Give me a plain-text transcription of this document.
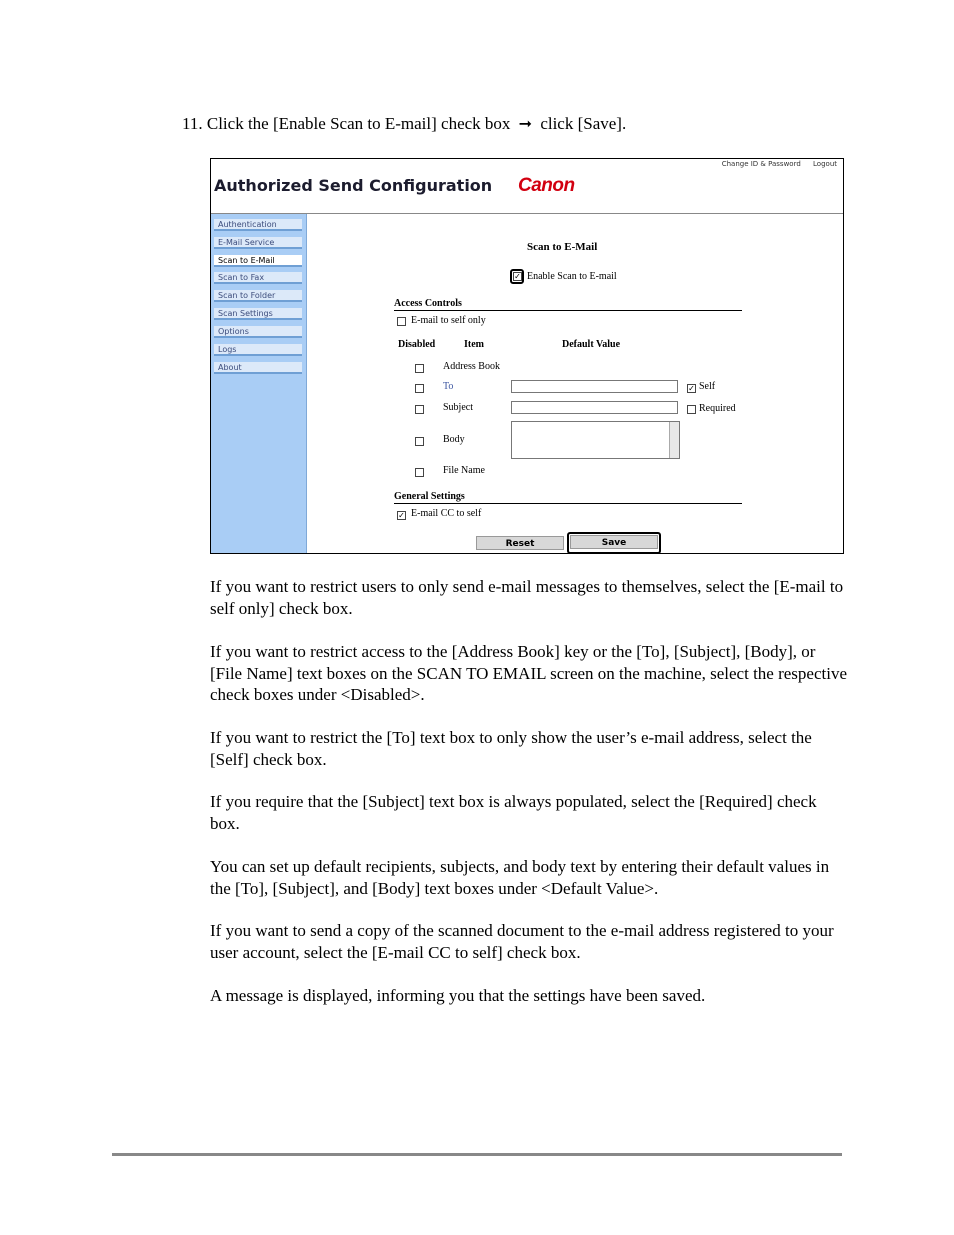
11. Click the [Enable Scan to E-mail] check box ➞ click [Save].
Change ID & Password Logout
Authorized Send Configuration Canon
Authentication
E-Mail Service
Scan to E-Mail
Scan to Fax
Scan to Folder
Scan Settings
Options
Logs
About
Scan to E-Mail
✓ Enable Scan to E-mail
Access Controls
E-mail to self only
Disabled	Item	Default Value
Address Book
To	✓ Self
Subject	Required
Body
File Name
General Settings
✓ E-mail CC to self
Reset	Save
If you want to restrict users to only send e-mail messages to themselves, select the [E-mail to self only] check box.
If you want to restrict access to the [Address Book] key or the [To], [Subject], [Body], or [File Name] text boxes on the SCAN TO EMAIL screen on the machine, select the respective check boxes under <Disabled>.
If you want to restrict the [To] text box to only show the user’s e-mail address, select the [Self] check box.
If you require that the [Subject] text box is always populated, select the [Required] check box.
You can set up default recipients, subjects, and body text by entering their default values in the [To], [Subject], and [Body] text boxes under <Default Value>.
If you want to send a copy of the scanned document to the e-mail address registered to your user account, select the [E-mail CC to self] check box.
A message is displayed, informing you that the settings have been saved.
